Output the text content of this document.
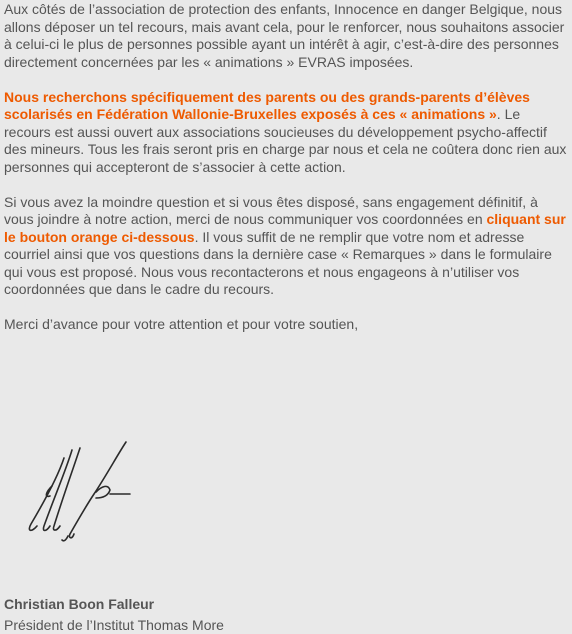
Aux côtés de l’association de protection des enfants, Innocence en danger Belgique, nous allons déposer un tel recours, mais avant cela, pour le renforcer, nous souhaitons associer à celui-ci le plus de personnes possible ayant un intérêt à agir, c’est-à-dire des personnes directement concernées par les « animations » EVRAS imposées.

Nous recherchons spécifiquement des parents ou des grands-parents d’élèves scolarisés en Fédération Wallonie-Bruxelles exposés à ces « animations ». Le recours est aussi ouvert aux associations soucieuses du développement psycho-affectif des mineurs. Tous les frais seront pris en charge par nous et cela ne coûtera donc rien aux personnes qui accepteront de s’associer à cette action.

Si vous avez la moindre question et si vous êtes disposé, sans engagement définitif, à vous joindre à notre action, merci de nous communiquer vos coordonnées en cliquant sur le bouton orange ci-dessous. Il vous suffit de ne remplir que votre nom et adresse courriel ainsi que vos questions dans la dernière case « Remarques » dans le formulaire qui vous est proposé. Nous vous recontacterons et nous engageons à n’utiliser vos coordonnées que dans le cadre du recours.

Merci d’avance pour votre attention et pour votre soutien,

Christian Boon Falleur
Président de l’Institut Thomas More
